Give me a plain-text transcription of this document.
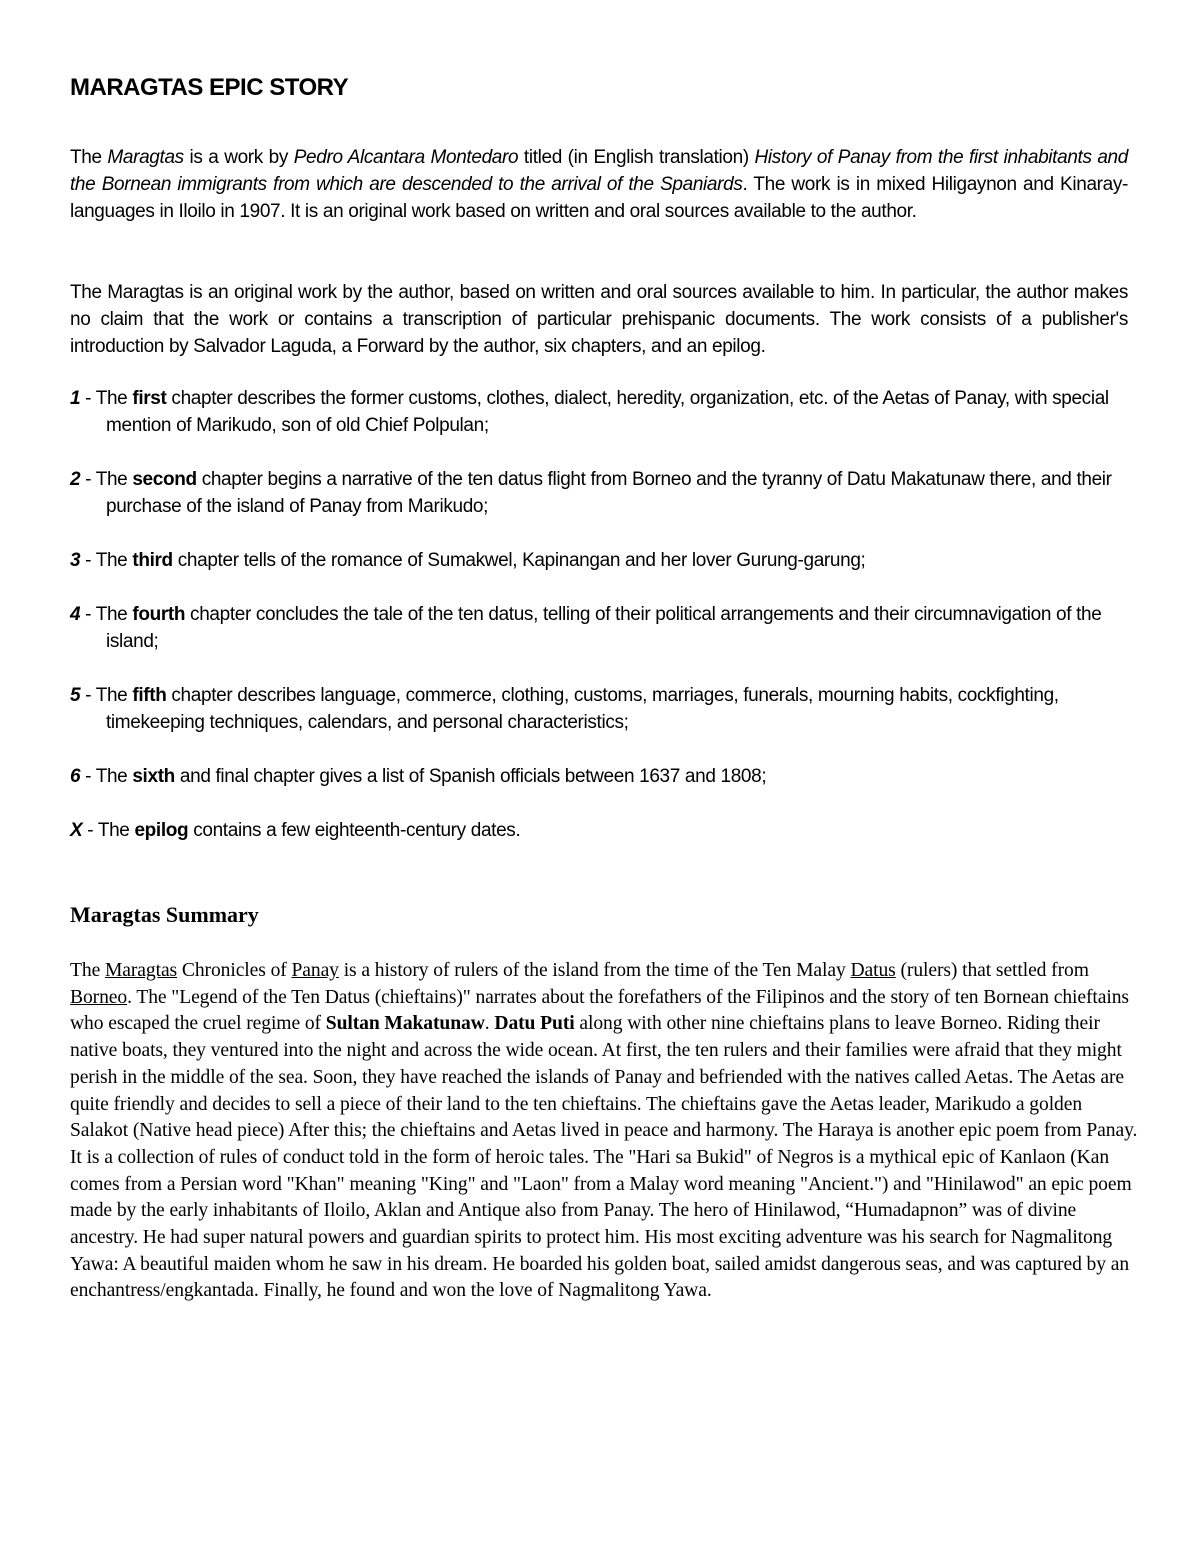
MARAGTAS EPIC STORY

The Maragtas is a work by Pedro Alcantara Montedaro titled (in English translation) History of Panay from the first inhabitants and the Bornean immigrants from which are descended to the arrival of the Spaniards. The work is in mixed Hiligaynon and Kinaray-languages in Iloilo in 1907. It is an original work based on written and oral sources available to the author.

The Maragtas is an original work by the author, based on written and oral sources available to him. In particular, the author makes no claim that the work or contains a transcription of particular prehispanic documents. The work consists of a publisher's introduction by Salvador Laguda, a Forward by the author, six chapters, and an epilog.

1 - The first chapter describes the former customs, clothes, dialect, heredity, organization, etc. of the Aetas of Panay, with special mention of Marikudo, son of old Chief Polpulan;
2 - The second chapter begins a narrative of the ten datus flight from Borneo and the tyranny of Datu Makatunaw there, and their purchase of the island of Panay from Marikudo;
3 - The third chapter tells of the romance of Sumakwel, Kapinangan and her lover Gurung-garung;
4 - The fourth chapter concludes the tale of the ten datus, telling of their political arrangements and their circumnavigation of the island;
5 - The fifth chapter describes language, commerce, clothing, customs, marriages, funerals, mourning habits, cockfighting, timekeeping techniques, calendars, and personal characteristics;
6 - The sixth and final chapter gives a list of Spanish officials between 1637 and 1808;
X - The epilog contains a few eighteenth-century dates.
Maragtas Summary

The Maragtas Chronicles of Panay is a history of rulers of the island from the time of the Ten Malay Datus (rulers) that settled from Borneo. The "Legend of the Ten Datus (chieftains)" narrates about the forefathers of the Filipinos and the story of ten Bornean chieftains who escaped the cruel regime of Sultan Makatunaw. Datu Puti along with other nine chieftains plans to leave Borneo. Riding their native boats, they ventured into the night and across the wide ocean. At first, the ten rulers and their families were afraid that they might perish in the middle of the sea. Soon, they have reached the islands of Panay and befriended with the natives called Aetas. The Aetas are quite friendly and decides to sell a piece of their land to the ten chieftains. The chieftains gave the Aetas leader, Marikudo a golden Salakot (Native head piece) After this; the chieftains and Aetas lived in peace and harmony. The Haraya is another epic poem from Panay. It is a collection of rules of conduct told in the form of heroic tales. The "Hari sa Bukid" of Negros is a mythical epic of Kanlaon (Kan comes from a Persian word "Khan" meaning "King" and "Laon" from a Malay word meaning "Ancient.") and "Hinilawod" an epic poem made by the early inhabitants of Iloilo, Aklan and Antique also from Panay. The hero of Hinilawod, “Humadapnon” was of divine ancestry. He had super natural powers and guardian spirits to protect him. His most exciting adventure was his search for Nagmalitong Yawa: A beautiful maiden whom he saw in his dream. He boarded his golden boat, sailed amidst dangerous seas, and was captured by an enchantress/engkantada. Finally, he found and won the love of Nagmalitong Yawa.
